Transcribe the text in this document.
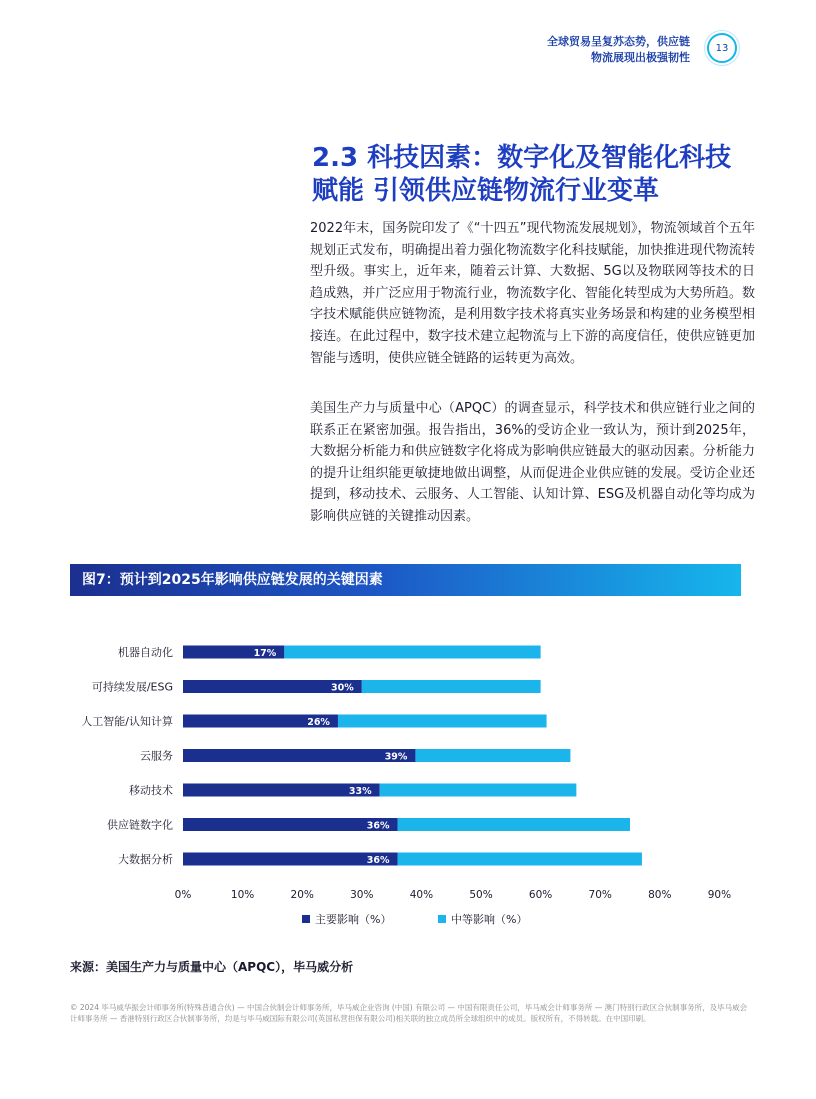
全球贸易呈复苏态势，供应链
物流展现出极强韧性
13
2.3 科技因素：数字化及智能化科技赋能 引领供应链物流行业变革

2022年末，国务院印发了《“十四五”现代物流发展规划》，物流领域首个五年规划正式发布，明确提出着力强化物流数字化科技赋能，加快推进现代物流转型升级。事实上，近年来，随着云计算、大数据、5G以及物联网等技术的日趋成熟，并广泛应用于物流行业，物流数字化、智能化转型成为大势所趋。数字技术赋能供应链物流，是利用数字技术将真实业务场景和构建的业务模型相接连。在此过程中，数字技术建立起物流与上下游的高度信任，使供应链更加智能与透明，使供应链全链路的运转更为高效。

美国生产力与质量中心（APQC）的调查显示，科学技术和供应链行业之间的联系正在紧密加强。报告指出，36%的受访企业一致认为，预计到2025年，大数据分析能力和供应链数字化将成为影响供应链最大的驱动因素。分析能力的提升让组织能更敏捷地做出调整，从而促进企业供应链的发展。受访企业还提到，移动技术、云服务、人工智能、认知计算、ESG及机器自动化等均成为影响供应链的关键推动因素。

图7：预计到2025年影响供应链发展的关键因素
机器自动化	17%
可持续发展/ESG	30%
人工智能/认知计算	26%
云服务	39%
移动技术	33%
供应链数字化	36%
大数据分析	36%
0%	10%	20%	30%	40%	50%	60%	70%	80%	90%
主要影响（%）	中等影响（%）
来源：美国生产力与质量中心（APQC），毕马威分析
© 2024 毕马威华振会计师事务所(特殊普通合伙) — 中国合伙制会计师事务所，毕马威企业咨询 (中国) 有限公司 — 中国有限责任公司，毕马威会计师事务所 — 澳门特别行政区合伙制事务所，及毕马威会计师事务所 — 香港特别行政区合伙制事务所，均是与毕马威国际有限公司(英国私营担保有限公司)相关联的独立成员所全球组织中的成员。版权所有，不得转载。在中国印刷。
